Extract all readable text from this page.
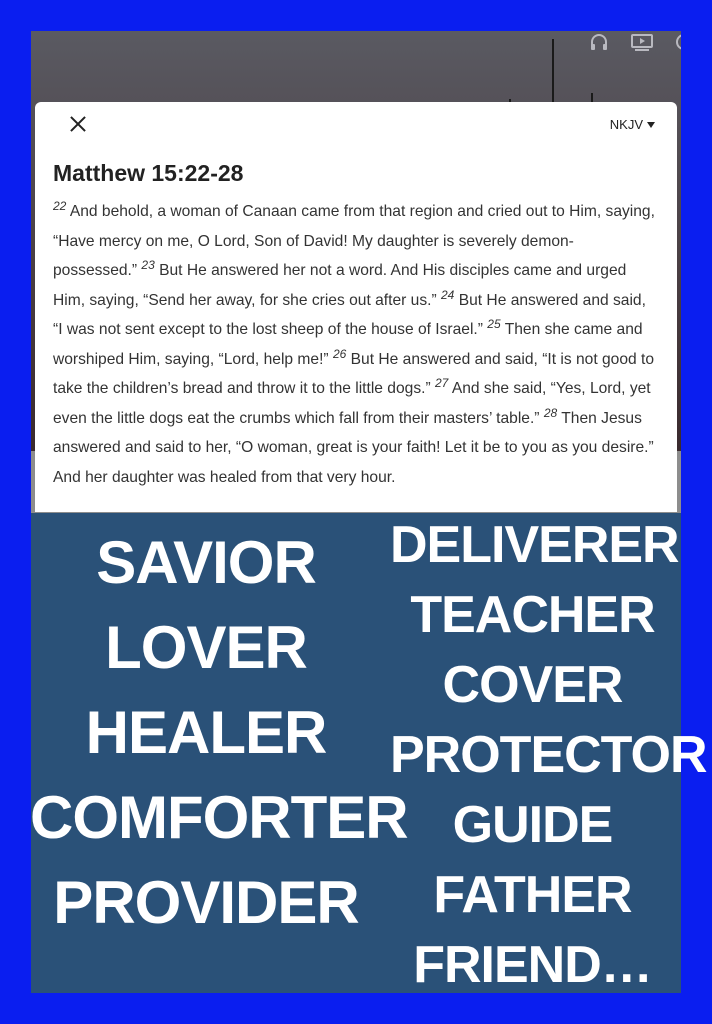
NKJV
Matthew 15:22-28

$^{22}$ And behold, a woman of Canaan came from that region and cried out to Him, saying, “Have mercy on me, O Lord, Son of David! My daughter is severely demon-possessed.” $^{23}$ But He answered her not a word. And His disciples came and urged Him, saying, “Send her away, for she cries out after us.” $^{24}$ But He answered and said, “I was not sent except to the lost sheep of the house of Israel.” $^{25}$ Then she came and worshiped Him, saying, “Lord, help me!” $^{26}$ But He answered and said, “It is not good to take the children’s bread and throw it to the little dogs.” $^{27}$ And she said, “Yes, Lord, yet even the little dogs eat the crumbs which fall from their masters’ table.” $^{28}$ Then Jesus answered and said to her, “O woman, great is your faith! Let it be to you as you desire.” And her daughter was healed from that very hour.

SAVIOR
LOVER
HEALER
COMFORTER
PROVIDER
DELIVERER
TEACHER
COVER
PROTECTOR
GUIDE
FATHER
FRIEND…
